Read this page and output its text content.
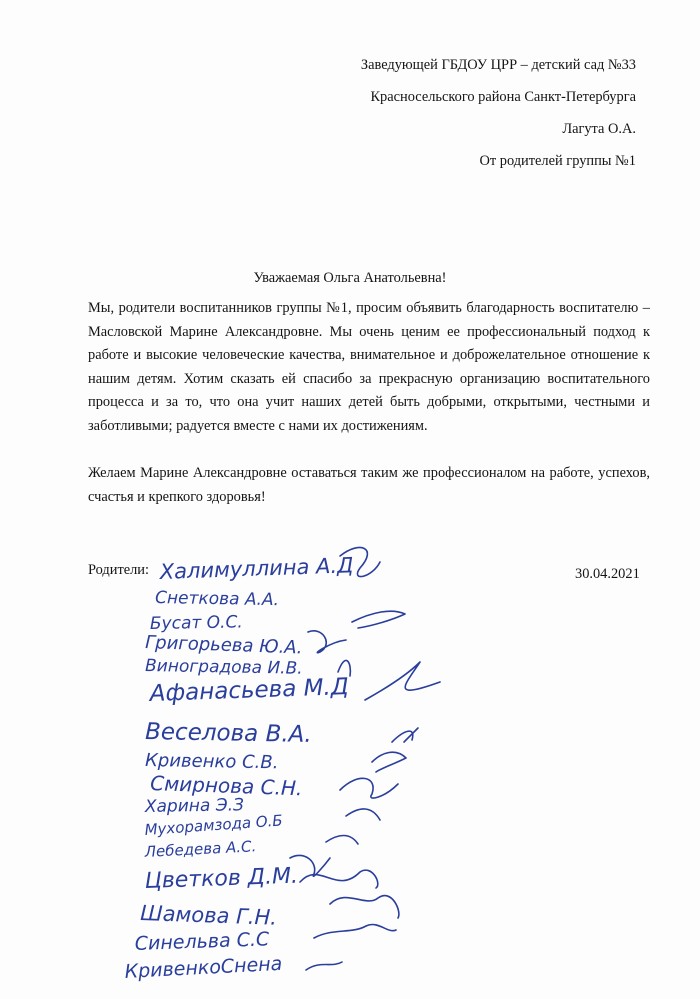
Заведующей ГБДОУ ЦРР – детский сад №33
Красносельского района Санкт-Петербурга
Лагута О.А.
От родителей группы №1
Уважаемая Ольга Анатольевна!

Мы, родители воспитанников группы №1, просим объявить благодарность воспитателю – Масловской Марине Александровне. Мы очень ценим ее профессиональный подход к работе и высокие человеческие качества, внимательное и доброжелательное отношение к нашим детям. Хотим сказать ей спасибо за прекрасную организацию воспитательного процесса и за то, что она учит наших детей быть добрыми, открытыми, честными и заботливыми; радуется вместе с нами их достижениям.

Желаем Марине Александровне оставаться таким же профессионалом на работе, успехов, счастья и крепкого здоровья!

Родители:	30.04.2021
Халимуллина А.Д
Снеткова А.А.
Бусат О.С.
Григорьева Ю.А.
Виноградова И.В.
Афанасьева М.Д
Веселова В.А.
Кривенко С.В.
Смирнова С.Н.
Харина Э.З
Мухорамзода О.Б
Лебедева А.С.
Цветков Д.М.
Шамова Г.Н.
Синельва С.С
КривенкоСнена
